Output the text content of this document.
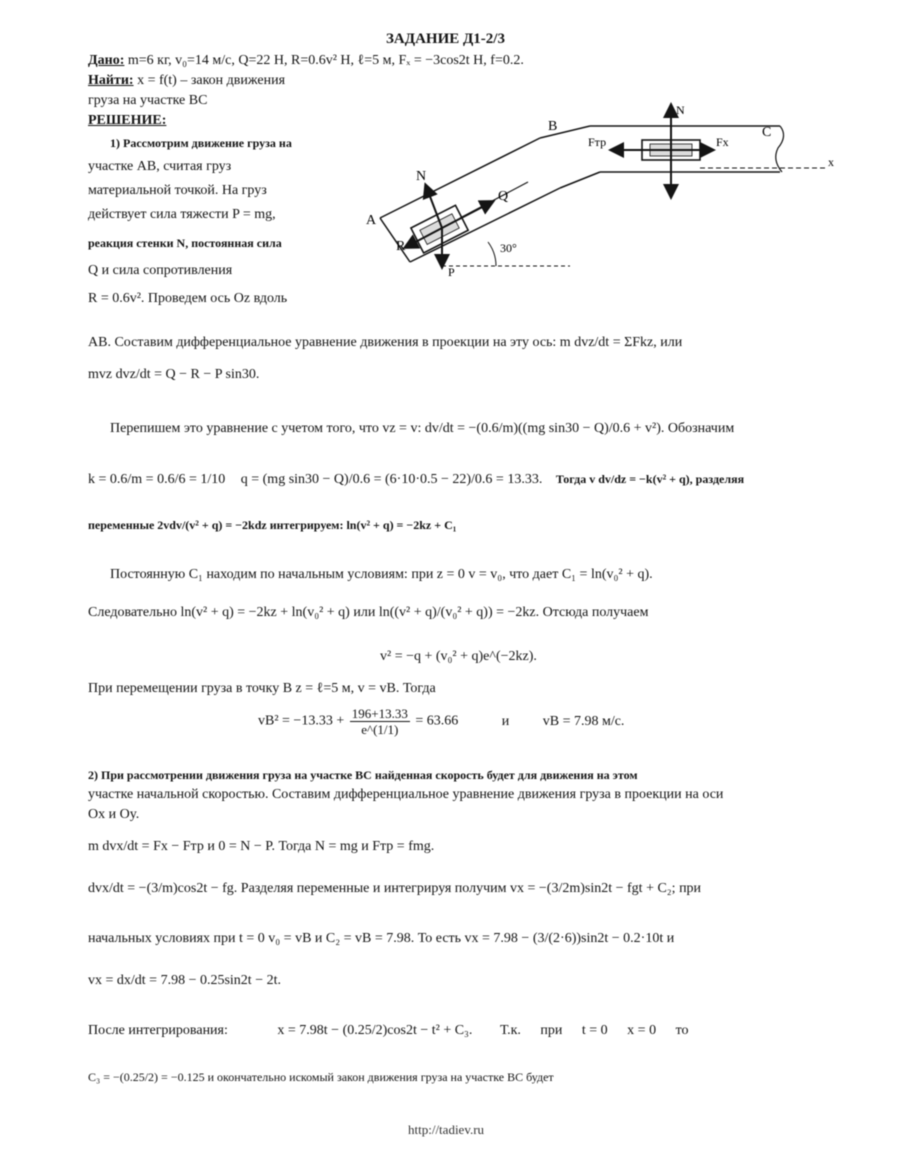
ЗАДАНИЕ Д1-2/3
Дано: m=6 кг, v₀=14 м/с, Q=22 Н, R=0.6v² Н, ℓ=5 м, Fₓ = −3cos2t Н, f=0.2.
Найти: x = f(t) – закон движения
груза на участке BC
РЕШЕНИЕ:
1) Рассмотрим движение груза на
участке AB, считая груз
материальной точкой. На груз
действует сила тяжести P = mg,
реакция стенки N, постоянная сила
Q и сила сопротивления
R = 0.6v². Проведем ось Oz вдоль
A
B	C
N
Q
R
P
N
Fтр	Fx
30°
x
AB. Составим дифференциальное уравнение движения в проекции на эту ось: m dvz/dt = ΣFkz, или
mvz dvz/dt = Q − R − P sin30.
Перепишем это уравнение с учетом того, что vz = v: dv/dt = −(0.6/m)((mg sin30 − Q)/0.6 + v²). Обозначим
k = 0.6/m = 0.6/6 = 1/10 q = (mg sin30 − Q)/0.6 = (6·10·0.5 − 22)/0.6 = 13.33. Тогда v dv/dz = −k(v² + q), разделяя
переменные 2vdv/(v² + q) = −2kdz интегрируем: ln(v² + q) = −2kz + C₁
Постоянную C₁ находим по начальным условиям: при z = 0 v = v₀, что дает C₁ = ln(v₀² + q).
Следовательно ln(v² + q) = −2kz + ln(v₀² + q) или ln((v² + q)/(v₀² + q)) = −2kz. Отсюда получаем
v² = −q + (v₀² + q)e^(−2kz).
При перемещении груза в точку B z = ℓ=5 м, v = vB. Тогда
$vB^2 = -13.33 + \frac{196+13.33}{e\^{}(1/1)} = 63.66$	и vB = 7.98 м/с.
2) При рассмотрении движения груза на участке BC найденная скорость будет для движения на этом
участке начальной скоростью. Составим дифференциальное уравнение движения груза в проекции на оси
Ox и Oy.
m dvx/dt = Fx − Fтр и 0 = N − P. Тогда N = mg и Fтр = fmg.
dvx/dt = −(3/m)cos2t − fg. Разделяя переменные и интегрируя получим vx = −(3/2m)sin2t − fgt + C₂; при
начальных условиях при t = 0 v₀ = vB и C₂ = vB = 7.98. То есть vx = 7.98 − (3/(2·6))sin2t − 0.2·10t и
vx = dx/dt = 7.98 − 0.25sin2t − 2t.
После интегрирования:	x = 7.98t − (0.25/2)cos2t − t² + C₃. Т.к. при t = 0 x = 0 то
C₃ = −(0.25/2) = −0.125 и окончательно искомый закон движения груза на участке BC будет
http://tadiev.ru
